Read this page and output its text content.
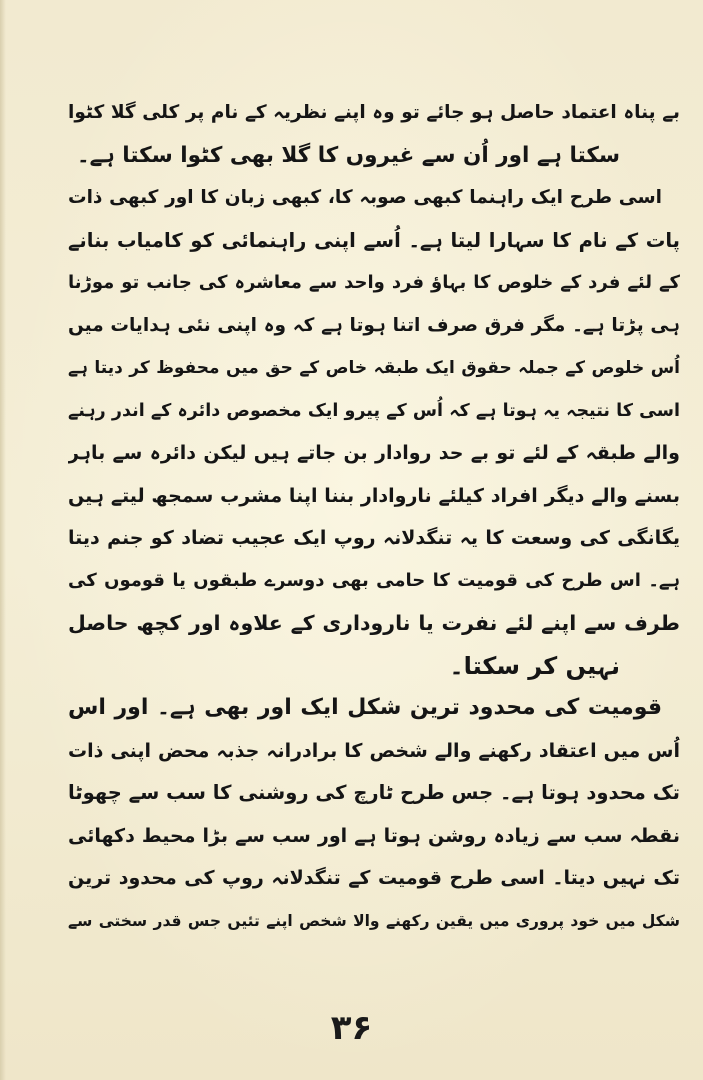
بے پناہ اعتماد حاصل ہو جائے تو وہ اپنے نظریہ کے نام پر کلی گلا کٹوا
سکتا ہے اور اُن سے غیروں کا گلا بھی کٹوا سکتا ہے۔
اسی طرح ایک راہنما کبھی صوبہ کا، کبھی زبان کا اور کبھی ذات
پات کے نام کا سہارا لیتا ہے۔ اُسے اپنی راہنمائی کو کامیاب بنانے
کے لئے فرد کے خلوص کا بہاؤ فرد واحد سے معاشرہ کی جانب تو موڑنا
ہی پڑتا ہے۔ مگر فرق صرف اتنا ہوتا ہے کہ وہ اپنی نئی ہدایات میں
اُس خلوص کے جملہ حقوق ایک طبقہ خاص کے حق میں محفوظ کر دیتا ہے
اسی کا نتیجہ یہ ہوتا ہے کہ اُس کے پیرو ایک مخصوص دائرہ کے اندر رہنے
والے طبقہ کے لئے تو بے حد روادار بن جاتے ہیں لیکن دائرہ سے باہر
بسنے والے دیگر افراد کیلئے ناروادار بننا اپنا مشرب سمجھ لیتے ہیں
یگانگی کی وسعت کا یہ تنگدلانہ روپ ایک عجیب تضاد کو جنم دیتا
ہے۔ اس طرح کی قومیت کا حامی بھی دوسرے طبقوں یا قوموں کی
طرف سے اپنے لئے نفرت یا ناروداری کے علاوہ اور کچھ حاصل
نہیں کر سکتا۔
قومیت کی محدود ترین شکل ایک اور بھی ہے۔ اور اس
اُس میں اعتقاد رکھنے والے شخص کا برادرانہ جذبہ محض اپنی ذات
تک محدود ہوتا ہے۔ جس طرح ٹارچ کی روشنی کا سب سے چھوٹا
نقطہ سب سے زیادہ روشن ہوتا ہے اور سب سے بڑا محیط دکھائی
تک نہیں دیتا۔ اسی طرح قومیت کے تنگدلانہ روپ کی محدود ترین
شکل میں خود پروری میں یقین رکھنے والا شخص اپنے تئیں جس قدر سختی سے
۳۶
